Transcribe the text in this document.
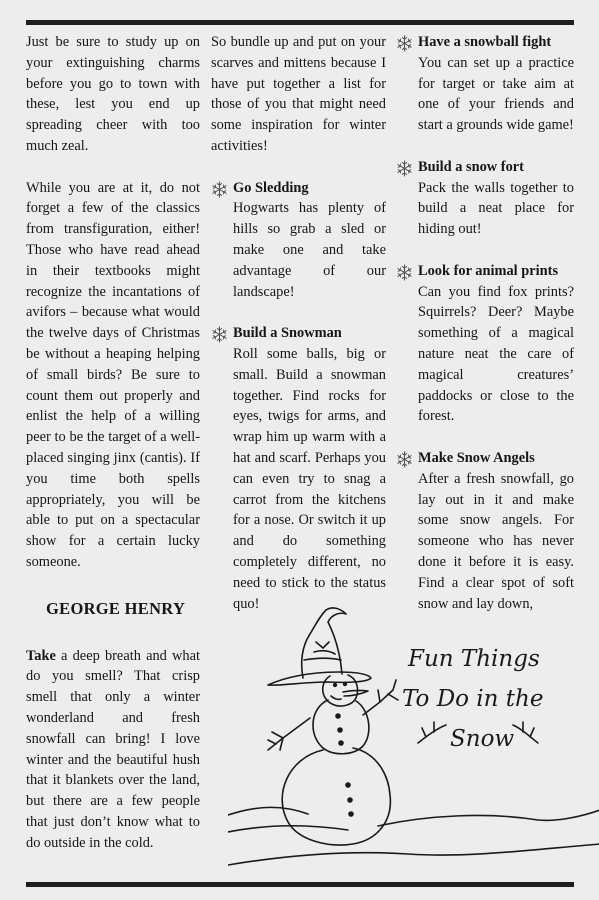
Just be sure to study up on your extinguishing charms before you go to town with these, lest you end up spreading cheer with too much zeal.

While you are at it, do not forget a few of the classics from transfiguration, either! Those who have read ahead in their textbooks might recognize the incantations of avifors – because what would the twelve days of Christmas be without a heaping helping of small birds? Be sure to count them out properly and enlist the help of a willing peer to be the target of a well-placed singing jinx (cantis). If you time both spells appropriately, you will be able to put on a spectacular show for a certain lucky someone.

GEORGE HENRY

Take a deep breath and what do you smell? That crisp smell that only a winter wonderland and fresh snowfall can bring! I love winter and the beautiful hush that it blankets over the land, but there are a few people that just don’t know what to do outside in the cold.

So bundle up and put on your scarves and mittens because I have put together a list for those of you that might need some inspiration for winter activities!

Go Sledding

Hogwarts has plenty of hills so grab a sled or make one and take advantage of our landscape!

Build a Snowman

Roll some balls, big or small. Build a snowman together. Find rocks for eyes, twigs for arms, and wrap him up warm with a hat and scarf. Perhaps you can even try to snag a carrot from the kitchens for a nose. Or switch it up and do something completely different, no need to stick to the status quo!

Have a snowball fight

You can set up a practice for target or take aim at one of your friends and start a grounds wide game!

Build a snow fort

Pack the walls together to build a neat place for hiding out!

Look for animal prints

Can you find fox prints? Squirrels? Deer? Maybe something of a magical nature neat the care of magical creatures’ paddocks or close to the forest.

Make Snow Angels

After a fresh snowfall, go lay out in it and make some snow angels. For someone who has never done it before it is easy. Find a clear spot of soft snow and lay down,

Fun Things
To Do in the
Snow
